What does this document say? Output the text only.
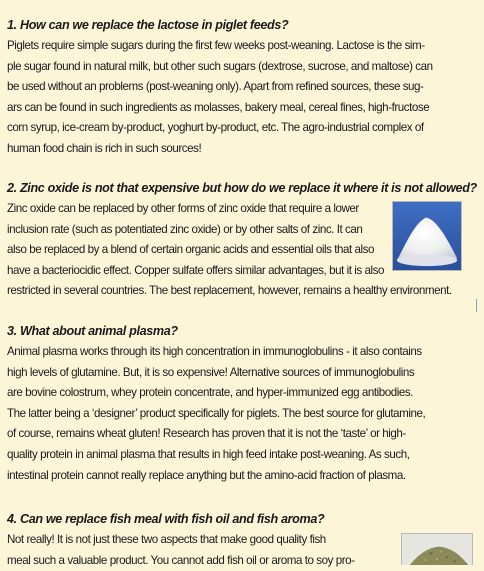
1. How can we replace the lactose in piglet feeds?
Piglets require simple sugars during the first few weeks post-weaning. Lactose is the sim-
ple sugar found in natural milk, but other such sugars (dextrose, sucrose, and maltose) can
be used without an problems (post-weaning only). Apart from refined sources, these sug-
ars can be found in such ingredients as molasses, bakery meal, cereal fines, high-fructose
corn syrup, ice-cream by-product, yoghurt by-product, etc. The agro-industrial complex of
human food chain is rich in such sources!
2. Zinc oxide is not that expensive but how do we replace it where it is not allowed?
Zinc oxide can be replaced by other forms of zinc oxide that require a lower
inclusion rate (such as potentiated zinc oxide) or by other salts of zinc. It can
also be replaced by a blend of certain organic acids and essential oils that also
have a bacteriocidic effect. Copper sulfate offers similar advantages, but it is also
restricted in several countries. The best replacement, however, remains a healthy environment.
3. What about animal plasma?
Animal plasma works through its high concentration in immunoglobulins - it also contains
high levels of glutamine. But, it is so expensive! Alternative sources of immunoglobulins
are bovine colostrum, whey protein concentrate, and hyper-immunized egg antibodies.
The latter being a ‘designer’ product specifically for piglets. The best source for glutamine,
of course, remains wheat gluten! Research has proven that it is not the ‘taste’ or high-
quality protein in animal plasma that results in high feed intake post-weaning. As such,
intestinal protein cannot really replace anything but the amino-acid fraction of plasma.
4. Can we replace fish meal with fish oil and fish aroma?
Not really! It is not just these two aspects that make good quality fish
meal such a valuable product. You cannot add fish oil or aroma to soy pro-
